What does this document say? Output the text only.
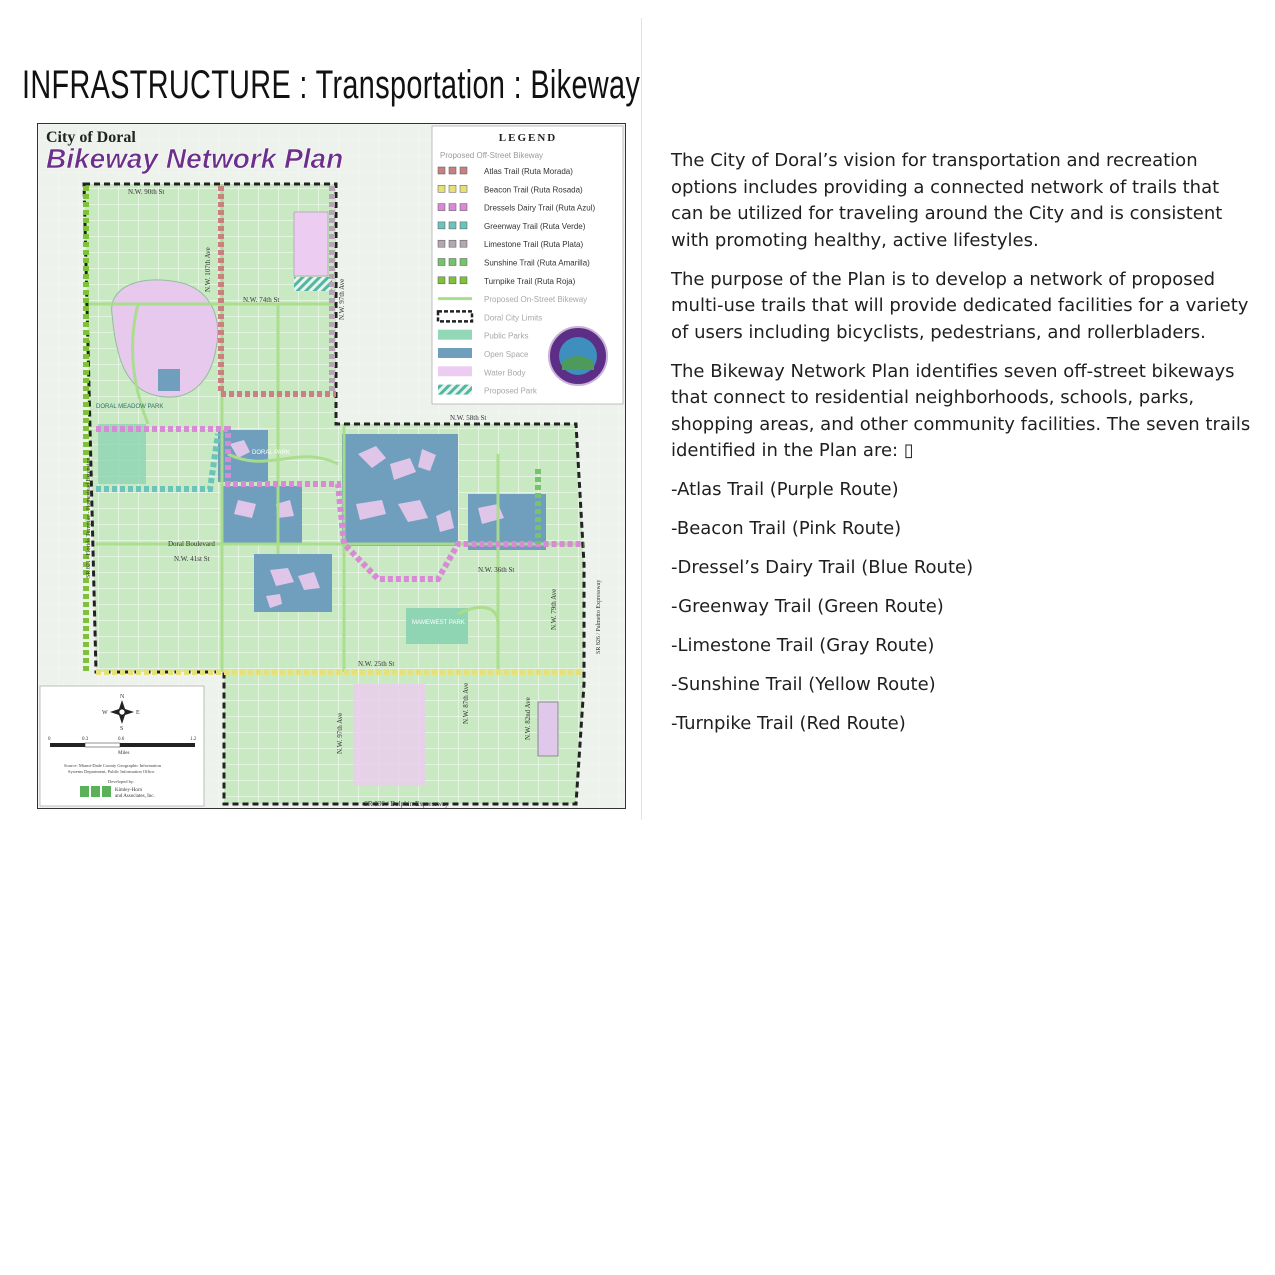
INFRASTRUCTURE : Transportation : Bikeway
City of Doral
Bikeway Network Plan
N.W. 90th St
N.W. 74th St
N.W. 58th St
Doral Boulevard
N.W. 41st St
N.W. 36th St
N.W. 25th St
SR 836 / Dolphin Expressway
N.W. 107th Ave
N.W. 97th Ave
N.W. 97th Ave
N.W. 87th Ave	N.W. 82nd Ave
N.W. 79th Ave
SR 821 / Florida Turnpike - Homestead Extension
SR 826 / Palmetto Expressway
DORAL MEADOW PARK
DORAL PARK
MAMEWEST PARK
LEGEND
Proposed Off-Street Bikeway
Atlas Trail (Ruta Morada)
Beacon Trail (Ruta Rosada)
Dressels Dairy Trail (Ruta Azul)
Greenway Trail (Ruta Verde)
Limestone Trail (Ruta Plata)
Sunshine Trail (Ruta Amarilla)
Turnpike Trail (Ruta Roja)
Proposed On-Street Bikeway
Doral City Limits
Public Parks
Open Space
Water Body
Proposed Park
N
S
E
W
0	0.3	0.6	1.2
Miles
Source: Miami-Dade County Geographic Information
Systems Department, Public Information Office.
Developed by:
Kimley-Horn
and Associates, Inc.

The City of Doral’s vision for transportation and recreation options includes providing a connected network of trails that can be utilized for traveling around the City and is consistent with promoting healthy, active lifestyles.

The purpose of the Plan is to develop a network of proposed multi-use trails that will provide dedicated facilities for a variety of users including bicyclists, pedestrians, and rollerbladers.

The Bikeway Network Plan identifies seven off-street bikeways that connect to residential neighborhoods, schools, parks, shopping areas, and other community facilities. The seven trails identified in the Plan are: ▯

-Atlas Trail (Purple Route)
-Beacon Trail (Pink Route)
-Dressel’s Dairy Trail (Blue Route)
-Greenway Trail (Green Route)
-Limestone Trail (Gray Route)
-Sunshine Trail (Yellow Route)
-Turnpike Trail (Red Route)
